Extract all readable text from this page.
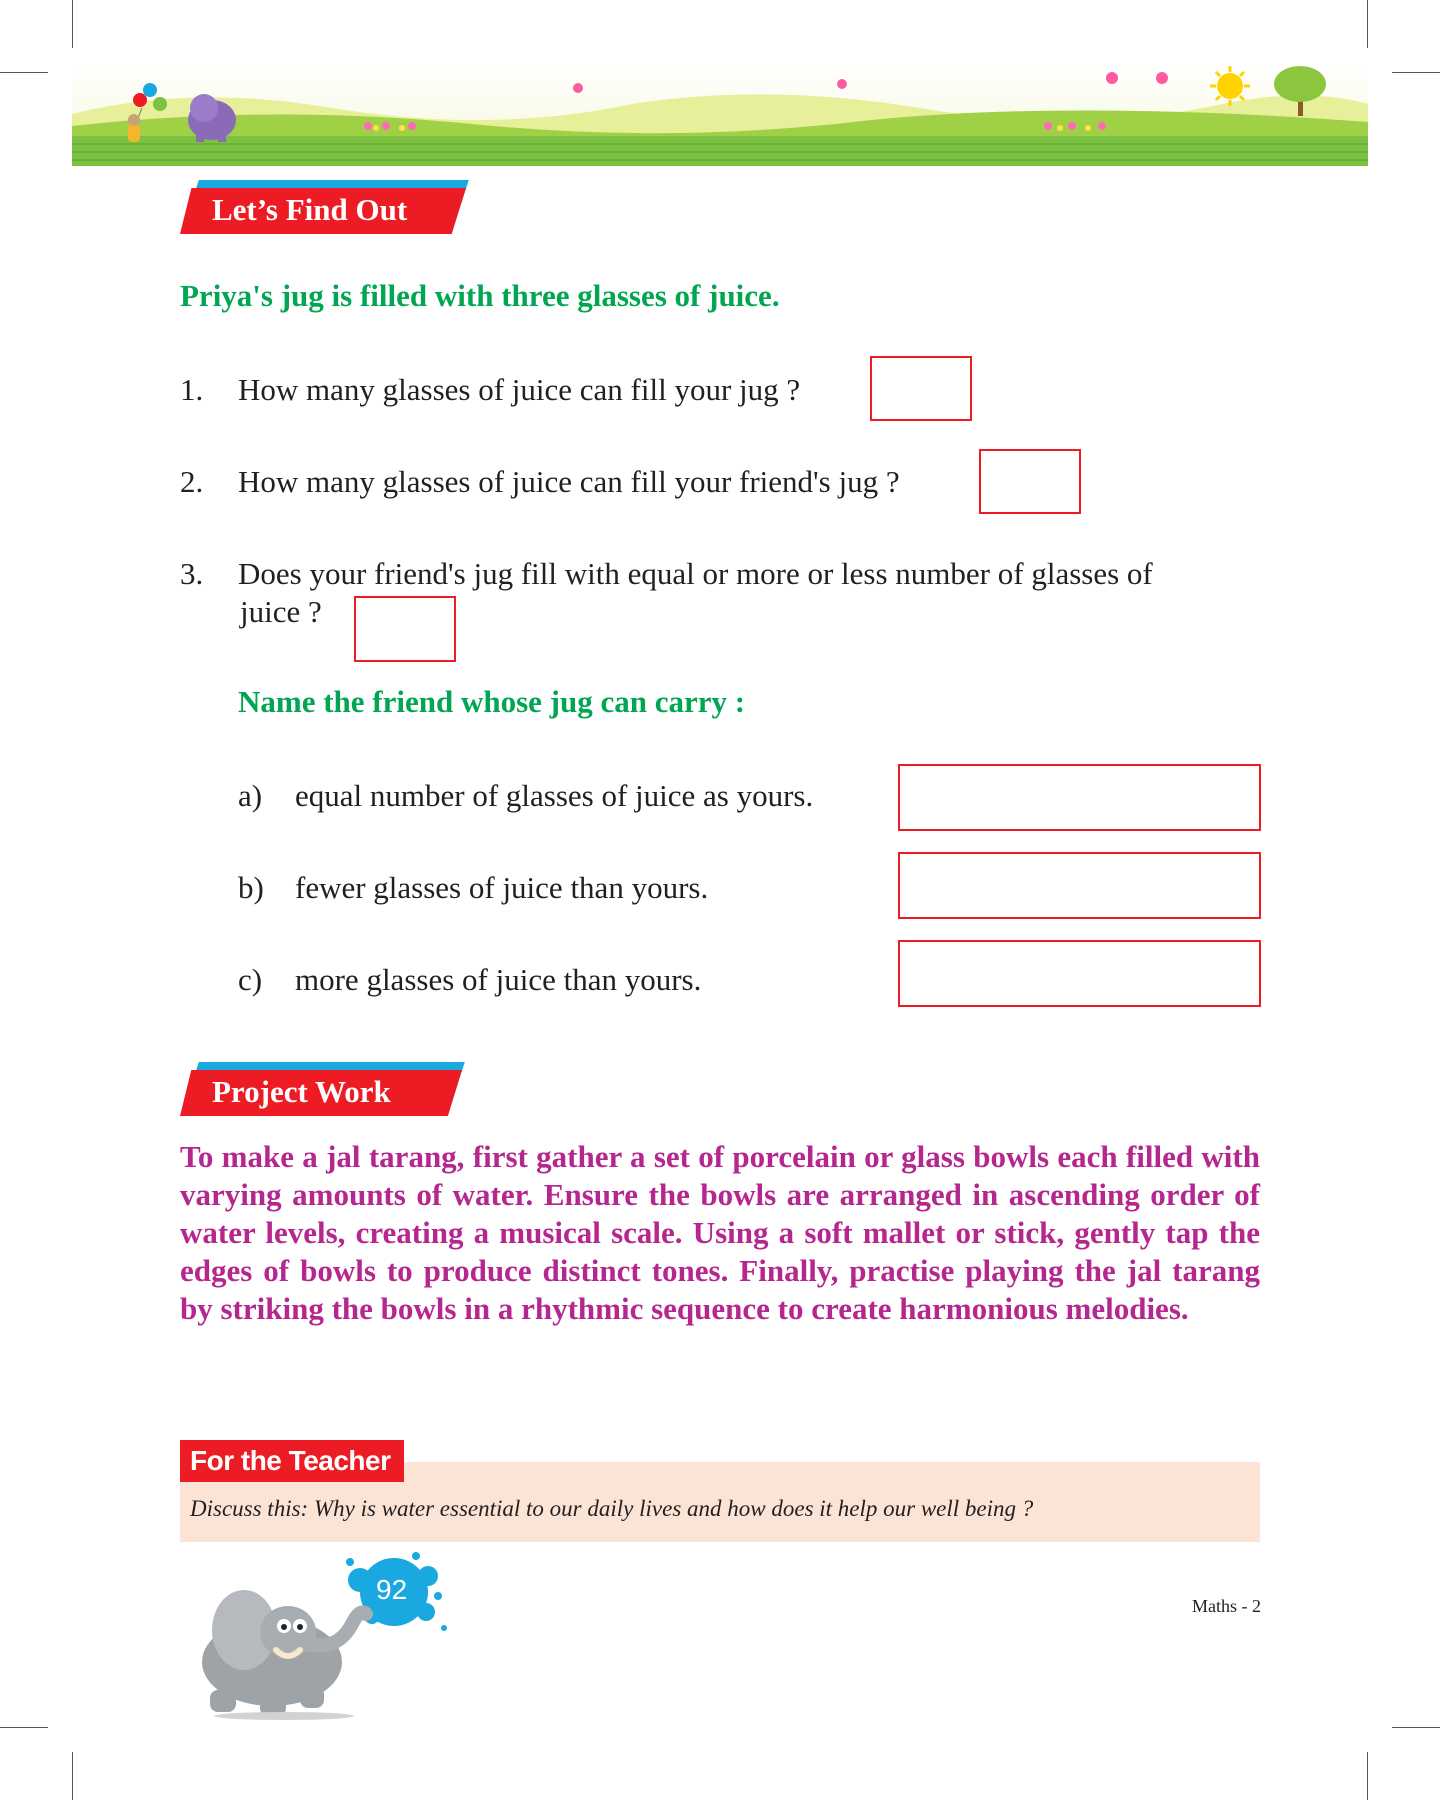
Let’s Find Out
Priya's jug is filled with three glasses of juice.
1. How many glasses of juice can fill your jug ?
2. How many glasses of juice can fill your friend's jug ?
3. Does your friend's jug fill with equal or more or less number of glasses of
juice ?
Name the friend whose jug can carry :
a) equal number of glasses of juice as yours.
b) fewer glasses of juice than yours.
c) more glasses of juice than yours.
Project Work
To make a jal tarang, first gather a set of porcelain or glass bowls each filled with varying amounts of water. Ensure the bowls are arranged in ascending order of water levels, creating a musical scale. Using a soft mallet or stick, gently tap the edges of bowls to produce distinct tones. Finally, practise playing the jal tarang by striking the bowls in a rhythmic sequence to create harmonious melodies.
For the Teacher
Discuss this: Why is water essential to our daily lives and how does it help our well being ?
92
Maths - 2
